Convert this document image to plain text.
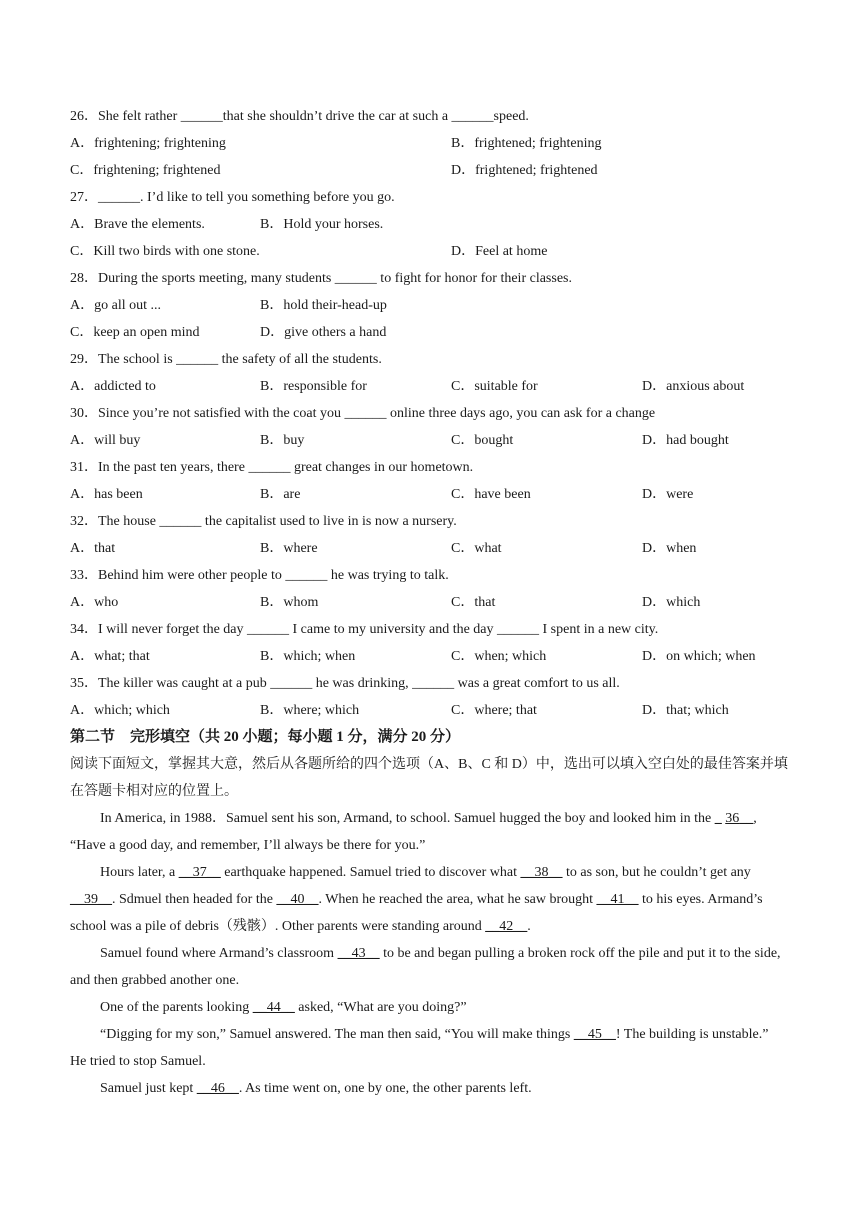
26．She felt rather ______that she shouldn’t drive the car at such a ______speed.
A．frightening; frightening	B．frightened; frightening
C．frightening; frightened	D．frightened; frightened
27．______. I’d like to tell you something before you go.
A．Brave the elements.	B．Hold your horses.
C．Kill two birds with one stone.	D．Feel at home
28．During the sports meeting, many students ______ to fight for honor for their classes.
A．go all out ...	B．hold their-head-up
C．keep an open mind	D．give others a hand
29．The school is ______ the safety of all the students.
A．addicted to	B．responsible for	C．suitable for	D．anxious about
30．Since you’re not satisfied with the coat you ______ online three days ago, you can ask for a change
A．will buy	B．buy	C．bought	D．had bought
31．In the past ten years, there ______ great changes in our hometown.
A．has been	B．are	C．have been	D．were
32．The house ______ the capitalist used to live in is now a nursery.
A．that	B．where	C．what	D．when
33．Behind him were other people to ______ he was trying to talk.
A．who	B．whom	C．that	D．which
34．I will never forget the day ______ I came to my university and the day ______ I spent in a new city.
A．what; that	B．which; when	C．when; which	D．on which; when
35．The killer was caught at a pub ______ he was drinking, ______ was a great comfort to us all.
A．which; which	B．where; which	C．where; that	D．that; which
第二节　完形填空（共 20 小题；每小题 1 分，满分 20 分）
阅读下面短文，掌握其大意，然后从各题所给的四个选项（A、B、C 和 D）中，选出可以填入空白处的最佳答案并填在答题卡相对应的位置上。
In America, in 1988．Samuel sent his son, Armand, to school. Samuel hugged the boy and looked him in the _ 36__, “Have a good day, and remember, I’ll always be there for you.”
Hours later, a __37__ earthquake happened. Samuel tried to discover what __38__ to as son, but he couldn’t get any __39__. Sdmuel then headed for the __40__. When he reached the area, what he saw brought __41__ to his eyes. Armand’s school was a pile of debris（残骸）. Other parents were standing around __42__.
Samuel found where Armand’s classroom __43__ to be and began pulling a broken rock off the pile and put it to the side, and then grabbed another one.
One of the parents looking __44__ asked, “What are you doing?”
“Digging for my son,” Samuel answered. The man then said, “You will make things __45__! The building is unstable.” He tried to stop Samuel.
Samuel just kept __46__. As time went on, one by one, the other parents left.
